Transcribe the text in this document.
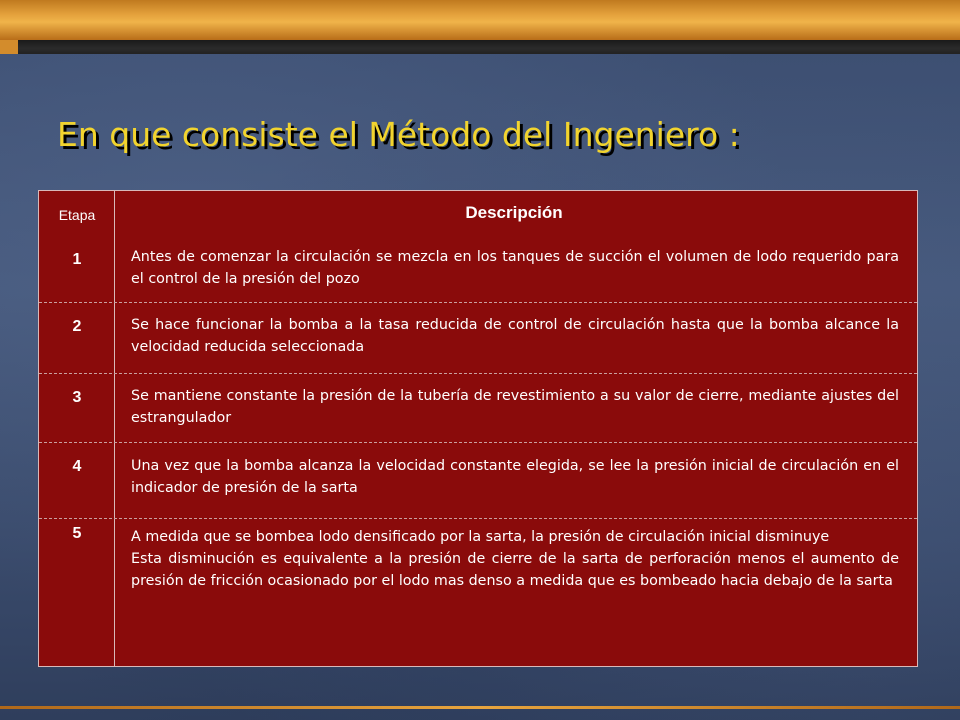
En que consiste el Método del Ingeniero :
Etapa	Descripción
1	Antes de comenzar la circulación se mezcla en los tanques de succión el volumen de lodo requerido para el control de la presión del pozo

2	Se hace funcionar la bomba a la tasa reducida de control de circulación hasta que la bomba alcance la velocidad reducida seleccionada

3	Se mantiene constante la presión de la tubería de revestimiento a su valor de cierre, mediante ajustes del estrangulador

4	Una vez que la bomba alcanza la velocidad constante elegida, se lee la presión inicial de circulación en el indicador de presión de la sarta

5	A medida que se bombea lodo densificado por la sarta, la presión de circulación inicial disminuye

Esta disminución es equivalente a la presión de cierre de la sarta de perforación menos el aumento de presión de fricción ocasionado por el lodo mas denso a medida que es bombeado hacia debajo de la sarta
